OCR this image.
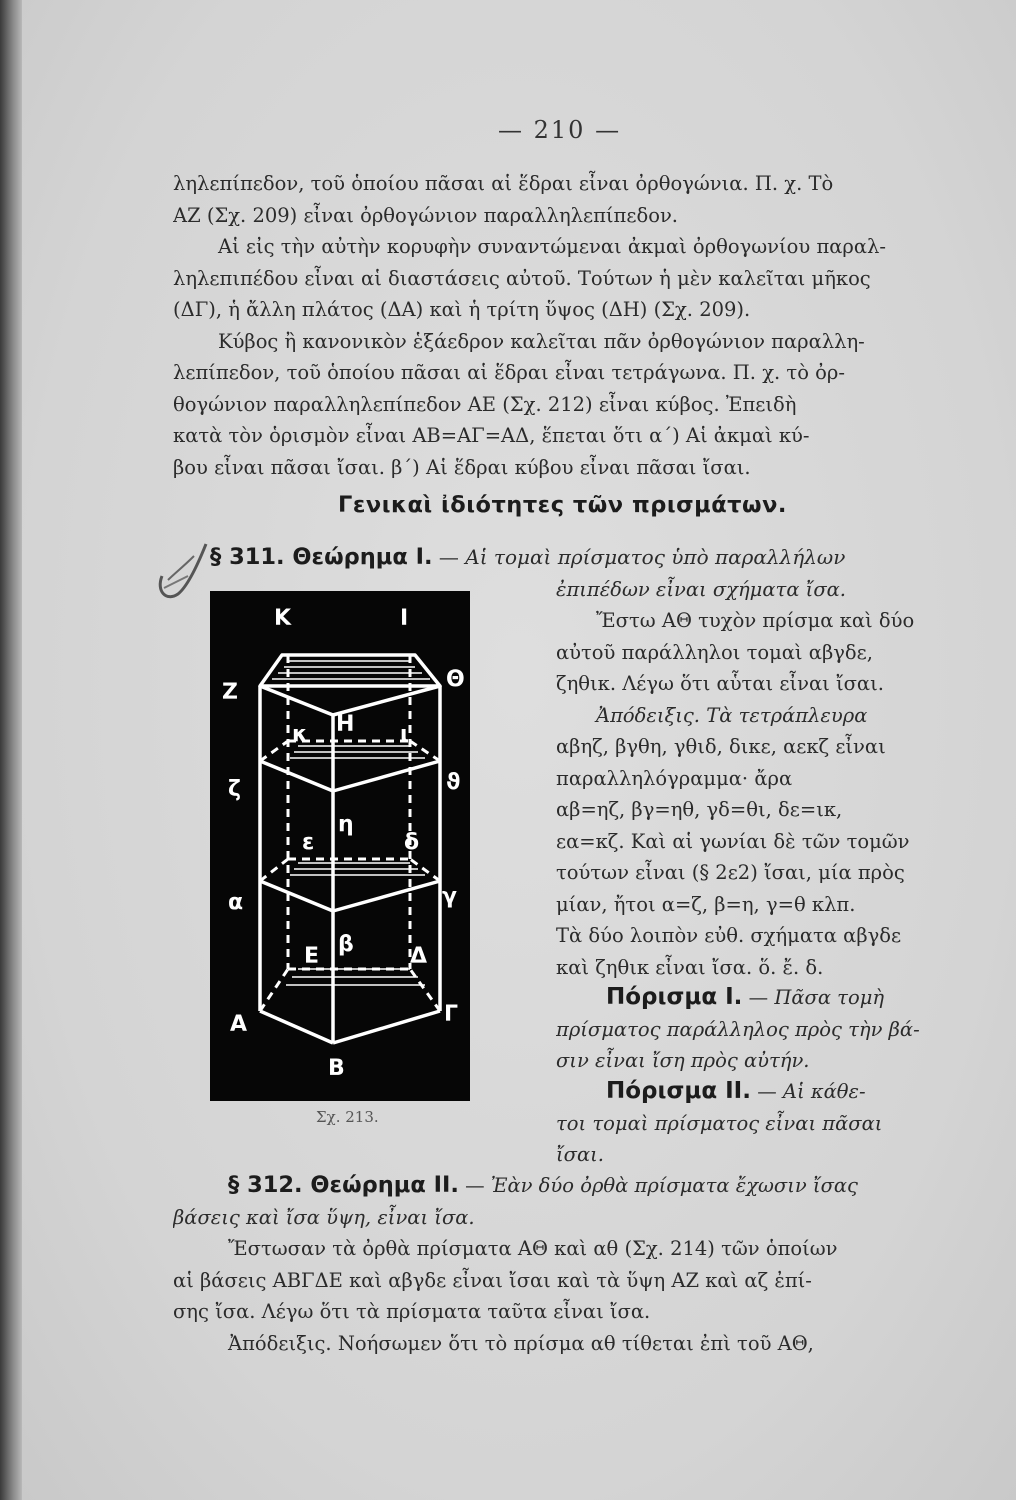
— 210 —
ληλεπίπεδον, τοῦ ὁποίου πᾶσαι αἱ ἕδραι εἶναι ὀρθογώνια. Π. χ. Τὸ
ΑΖ (Σχ. 209) εἶναι ὀρθογώνιον παραλληλεπίπεδον.
Αἱ εἰς τὴν αὐτὴν κορυφὴν συναντώμεναι ἀκμαὶ ὀρθογωνίου παραλ-
ληλεπιπέδου εἶναι αἱ διαστάσεις αὐτοῦ. Τούτων ἡ μὲν καλεῖται μῆκος
(ΔΓ), ἡ ἄλλη πλάτος (ΔΑ) καὶ ἡ τρίτη ὕψος (ΔΗ) (Σχ. 209).
Κύβος ἢ κανονικὸν ἑξάεδρον καλεῖται πᾶν ὀρθογώνιον παραλλη-
λεπίπεδον, τοῦ ὁποίου πᾶσαι αἱ ἕδραι εἶναι τετράγωνα. Π. χ. τὸ ὀρ-
θογώνιον παραλληλεπίπεδον ΑΕ (Σχ. 212) εἶναι κύβος. Ἐπειδὴ
κατὰ τὸν ὁρισμὸν εἶναι ΑΒ=ΑΓ=ΑΔ, ἕπεται ὅτι α΄) Αἱ ἀκμαὶ κύ-
βου εἶναι πᾶσαι ἴσαι. β΄) Αἱ ἕδραι κύβου εἶναι πᾶσαι ἴσαι.
Γενικαὶ ἰδιότητες τῶν πρισμάτων.
§ 311. Θεώρημα Ι. — Αἱ τομαὶ πρίσματος ὑπὸ παραλλήλων
ἐπιπέδων εἶναι σχήματα ἴσα.
Κ	Ι
Ζ
Θ
Η
κ	ι
ζ	ϑ
η
ε	δ
α	γ
β
Ε	Δ
Α	Γ
Β
Σχ. 213.
Ἔστω ΑΘ τυχὸν πρίσμα καὶ δύο
αὐτοῦ παράλληλοι τομαὶ αβγδε,
ζηθικ. Λέγω ὅτι αὗται εἶναι ἴσαι.
Ἀπόδειξις. Τὰ τετράπλευρα
αβηζ, βγθη, γθιδ, δικε, αεκζ εἶναι
παραλληλόγραμμα· ἄρα
αβ=ηζ, βγ=ηθ, γδ=θι, δε=ικ,
εα=κζ. Καὶ αἱ γωνίαι δὲ τῶν τομῶν
τούτων εἶναι (§ 2ε2) ἴσαι, μία πρὸς
μίαν, ἤτοι α=ζ, β=η, γ=θ κλπ.
Τὰ δύο λοιπὸν εὐθ. σχήματα αβγδε
καὶ ζηθικ εἶναι ἴσα. ὅ. ἔ. δ.
Πόρισμα Ι. — Πᾶσα τομὴ
πρίσματος παράλληλος πρὸς τὴν βά-
σιν εἶναι ἴση πρὸς αὐτήν.
Πόρισμα ΙΙ. — Αἱ κάθε-
τοι τομαὶ πρίσματος εἶναι πᾶσαι
ἴσαι.
§ 312. Θεώρημα ΙΙ. — Ἐὰν δύο ὀρθὰ πρίσματα ἔχωσιν ἴσας
βάσεις καὶ ἴσα ὕψη, εἶναι ἴσα.
Ἔστωσαν τὰ ὀρθὰ πρίσματα ΑΘ καὶ αθ (Σχ. 214) τῶν ὁποίων
αἱ βάσεις ΑΒΓΔΕ καὶ αβγδε εἶναι ἴσαι καὶ τὰ ὕψη ΑΖ καὶ αζ ἐπί-
σης ἴσα. Λέγω ὅτι τὰ πρίσματα ταῦτα εἶναι ἴσα.
Ἀπόδειξις. Νοήσωμεν ὅτι τὸ πρίσμα αθ τίθεται ἐπὶ τοῦ ΑΘ,
